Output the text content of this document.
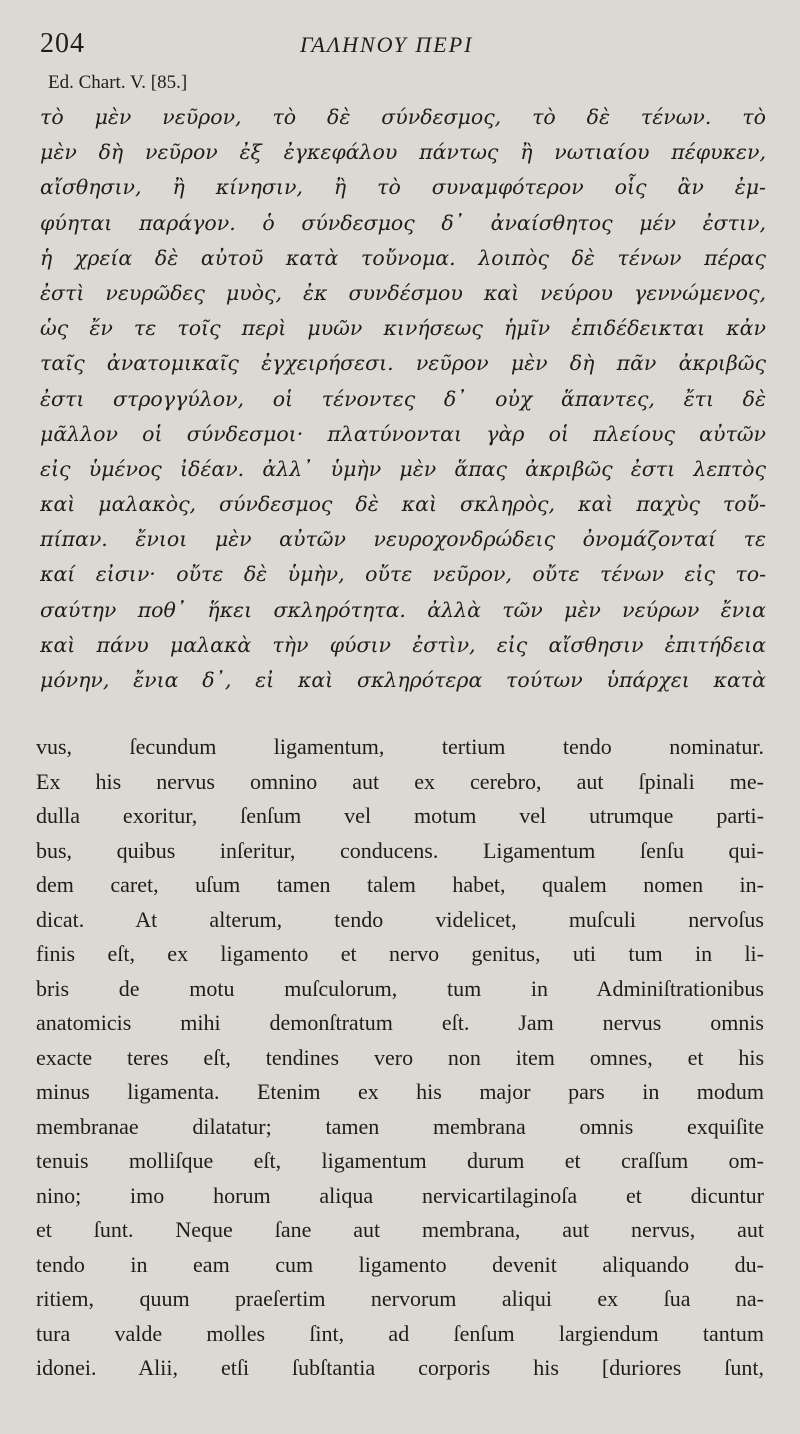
204	ΓΑΛΗΝΟΥ ΠΕΡΙ
Ed. Chart. V. [85.]
τὸ μὲν νεῦρον, τὸ δὲ σύνδεσμος, τὸ δὲ τένων. τὸ
μὲν δὴ νεῦρον ἐξ ἐγκεφάλου πάντως ἢ νωτιαίου πέφυκεν,
αἴσθησιν, ἢ κίνησιν, ἢ τὸ συναμφότερον οἷς ἂν ἐμ-
φύηται παράγον. ὁ σύνδεσμος δ᾽ ἀναίσθητος μέν ἐστιν,
ἡ χρεία δὲ αὐτοῦ κατὰ τοὔνομα. λοιπὸς δὲ τένων πέρας
ἐστὶ νευρῶδες μυὸς, ἐκ συνδέσμου καὶ νεύρου γεννώμενος,
ὡς ἔν τε τοῖς περὶ μυῶν κινήσεως ἡμῖν ἐπιδέδεικται κἀν
ταῖς ἀνατομικαῖς ἐγχειρήσεσι. νεῦρον μὲν δὴ πᾶν ἀκριβῶς
ἐστι στρογγύλον, οἱ τένοντες δ᾽ οὐχ ἅπαντες, ἔτι δὲ
μᾶλλον οἱ σύνδεσμοι· πλατύνονται γὰρ οἱ πλείους αὐτῶν
εἰς ὑμένος ἰδέαν. ἀλλ᾽ ὑμὴν μὲν ἅπας ἀκριβῶς ἐστι λεπτὸς
καὶ μαλακὸς, σύνδεσμος δὲ καὶ σκληρὸς, καὶ παχὺς τοὔ-
πίπαν. ἔνιοι μὲν αὐτῶν νευροχονδρώδεις ὀνομάζονταί τε
καί εἰσιν· οὔτε δὲ ὑμὴν, οὔτε νεῦρον, οὔτε τένων εἰς το-
σαύτην ποθ᾽ ἥκει σκληρότητα. ἀλλὰ τῶν μὲν νεύρων ἔνια
καὶ πάνυ μαλακὰ τὴν φύσιν ἐστὶν, εἰς αἴσθησιν ἐπιτήδεια
μόνην, ἔνια δ᾽, εἰ καὶ σκληρότερα τούτων ὑπάρχει κατὰ
vus, ſecundum ligamentum, tertium tendo nominatur.
Ex his nervus omnino aut ex cerebro, aut ſpinali me-
dulla exoritur, ſenſum vel motum vel utrumque parti-
bus, quibus inſeritur, conducens. Ligamentum ſenſu qui-
dem caret, uſum tamen talem habet, qualem nomen in-
dicat. At alterum, tendo videlicet, muſculi nervoſus
finis eſt, ex ligamento et nervo genitus, uti tum in li-
bris de motu muſculorum, tum in Adminiſtrationibus
anatomicis mihi demonſtratum eſt. Jam nervus omnis
exacte teres eſt, tendines vero non item omnes, et his
minus ligamenta. Etenim ex his major pars in modum
membranae dilatatur; tamen membrana omnis exquiſite
tenuis molliſque eſt, ligamentum durum et craſſum om-
nino; imo horum aliqua nervicartilaginoſa et dicuntur
et ſunt. Neque ſane aut membrana, aut nervus, aut
tendo in eam cum ligamento devenit aliquando du-
ritiem, quum praeſertim nervorum aliqui ex ſua na-
tura valde molles ſint, ad ſenſum largiendum tantum
idonei. Alii, etſi ſubſtantia corporis his [duriores ſunt,
